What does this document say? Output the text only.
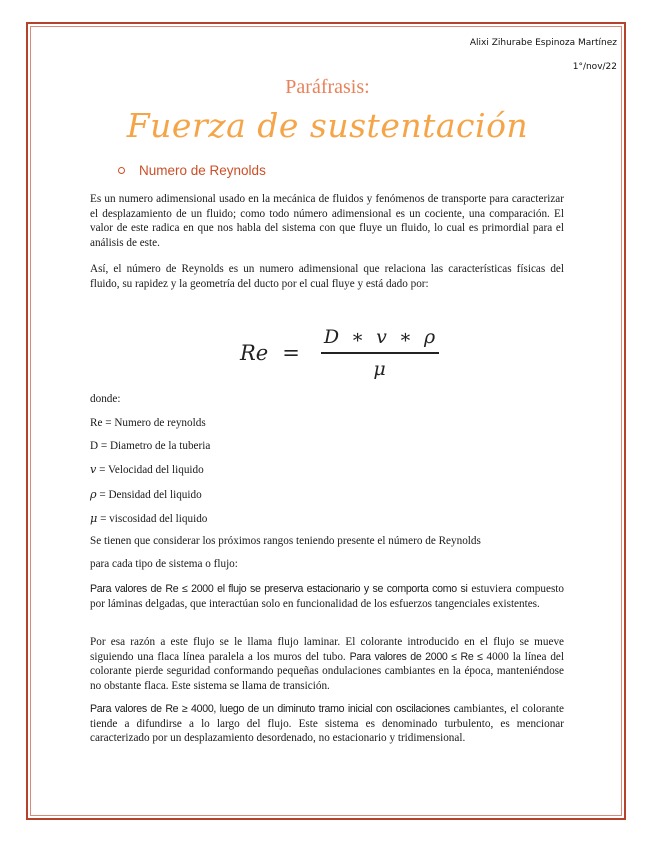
Alixi Zihurabe Espinoza Martínez
1°/nov/22
Paráfrasis:
Fuerza de sustentación
Numero de Reynolds
Es un numero adimensional usado en la mecánica de fluidos y fenómenos de transporte para caracterizar el desplazamiento de un fluido; como todo número adimensional es un cociente, una comparación. El valor de este radica en que nos habla del sistema con que fluye un fluido, lo cual es primordial para el análisis de este.
Así, el número de Reynolds es un numero adimensional que relaciona las características físicas del fluido, su rapidez y la geometría del ducto por el cual fluye y está dado por:
$Re = \frac{D ∗ v ∗ \rho}{\mu}$
donde:
Re = Numero de reynolds
D = Diametro de la tuberia
v = Velocidad del liquido
ρ = Densidad del liquido
μ = viscosidad del liquido
Se tienen que considerar los próximos rangos teniendo presente el número de Reynolds
para cada tipo de sistema o flujo:
Para valores de Re ≤ 2000 el flujo se preserva estacionario y se comporta como si estuviera compuesto por láminas delgadas, que interactúan solo en funcionalidad de los esfuerzos tangenciales existentes.
Por esa razón a este flujo se le llama flujo laminar. El colorante introducido en el flujo se mueve siguiendo una flaca línea paralela a los muros del tubo. Para valores de 2000 ≤ Re ≤ 4000 la línea del colorante pierde seguridad conformando pequeñas ondulaciones cambiantes en la época, manteniéndose no obstante flaca. Este sistema se llama de transición.
Para valores de Re ≥ 4000, luego de un diminuto tramo inicial con oscilaciones cambiantes, el colorante tiende a difundirse a lo largo del flujo. Este sistema es denominado turbulento, es mencionar caracterizado por un desplazamiento desordenado, no estacionario y tridimensional.
